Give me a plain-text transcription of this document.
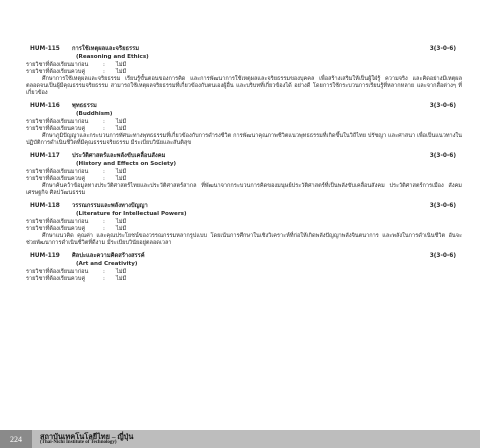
HUM-115 การใช้เหตุผลและจริยธรรม	3(3-0-6)
(Reasoning and Ethics)
รายวิชาที่ต้องเรียนมาก่อน	: ไม่มี
รายวิชาที่ต้องเรียนควบคู่	: ไม่มี
ศึกษาการใช้เหตุผลและจริยธรรม เรียนรู้ขั้นตอนของการคิด และการพัฒนาการใช้เหตุผลและจริยธรรมของบุคคล เพื่อสร้างเสริมให้เป็นผู้ใฝ่รู้ ความจริง และคิดอย่างมีเหตุผล ตลอดจนเป็นผู้มีคุณธรรมจริยธรรม สามารถใช้เหตุผลจริยธรรมที่เกี่ยวข้องกับตนเองผู้อื่น และบริบทที่เกี่ยวข้องได้ อย่างดี โดยการใช้กระบวนการเรียนรู้ที่หลากหลาย และจากสื่อต่างๆ ที่เกี่ยวข้อง
HUM-116 พุทธธรรม	3(3-0-6)
(Buddhism)
รายวิชาที่ต้องเรียนมาก่อน	: ไม่มี
รายวิชาที่ต้องเรียนควบคู่	: ไม่มี
ศึกษาภูมิปัญญาและกระบวนการทัศนะทางพุทธธรรมที่เกี่ยวข้องกับการดำรงชีวิต การพัฒนาคุณภาพชีวิตแนวพุทธธรรมที่เกิดขึ้นในวิถีไทย ปรัชญา และศาสนา เพื่อเป็นแนวทางในปฏิบัติการดำเนินชีวิตที่มีคุณธรรมจริยธรรม มีระเบียบวินัยและสันติสุข
HUM-117 ประวัติศาสตร์และพลังขับเคลื่อนสังคม	3(3-0-6)
(History and Effects on Society)
รายวิชาที่ต้องเรียนมาก่อน	: ไม่มี
รายวิชาที่ต้องเรียนควบคู่	: ไม่มี
ศึกษาค้นคว้าข้อมูลทางประวัติศาสตร์ไทยและประวัติศาสตร์สากล ที่พัฒนาจากกระบวนการคิดของมนุษย์ประวัติศาสตร์ที่เป็นพลังขับเคลื่อนสังคม ประวัติศาสตร์การเมือง สังคม เศรษฐกิจ ศิลปวัฒนธรรม
HUM-118 วรรณกรรมและพลังทางปัญญา	3(3-0-6)
(Literature for Intellectual Powers)
รายวิชาที่ต้องเรียนมาก่อน	: ไม่มี
รายวิชาที่ต้องเรียนควบคู่	: ไม่มี
ศึกษาแนวคิด คุณค่า และคุณประโยชน์ของวรรณกรรมหลากรูปแบบ โดยเน้นการศึกษาในเชิงวิเคราะห์ที่ก่อให้เกิดพลังปัญญาพลังจินตนาการ และพลังในการดำเนินชีวิต อันจะช่วยพัฒนาการดำเนินชีวิตที่ดีงาม มีระเบียบวินัยอยู่ตลอดเวลา
HUM-119 ศิลปะและความคิดสร้างสรรค์	3(3-0-6)
(Art and Creativity)
รายวิชาที่ต้องเรียนมาก่อน	: ไม่มี
รายวิชาที่ต้องเรียนควบคู่	: ไม่มี
224	สถาบันเทคโนโลยีไทย – ญี่ปุ่น
(Thai-Nichi Institute of Technology)
